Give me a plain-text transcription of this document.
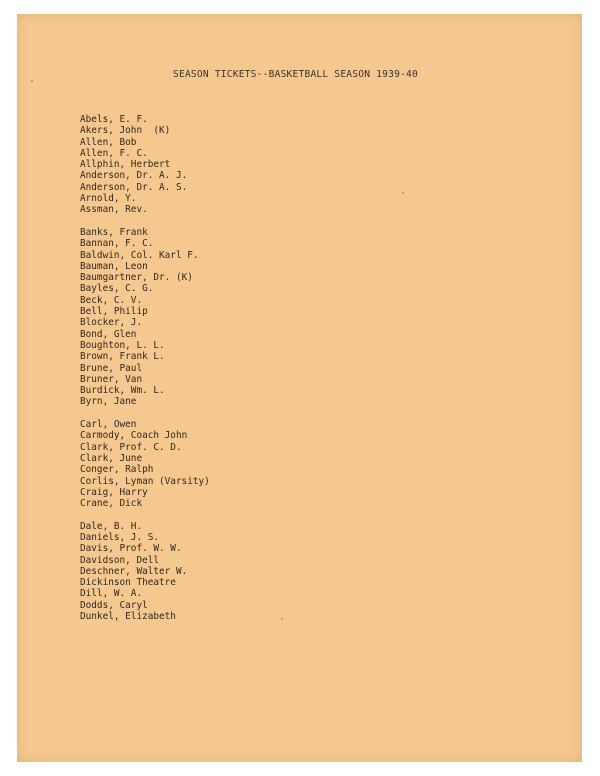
SEASON TICKETS--BASKETBALL SEASON 1939-40
Abels, E. F.
Akers, John  (K)
Allen, Bob
Allen, F. C.
Allphin, Herbert
Anderson, Dr. A. J.
Anderson, Dr. A. S.
Arnold, Y.
Assman, Rev.
Banks, Frank
Bannan, F. C.
Baldwin, Col. Karl F.
Bauman, Leon
Baumgartner, Dr. (K)
Bayles, C. G.
Beck, C. V.
Bell, Philip
Blocker, J.
Bond, Glen
Boughton, L. L.
Brown, Frank L.
Brune, Paul
Bruner, Van
Burdick, Wm. L.
Byrn, Jane
Carl, Owen
Carmody, Coach John
Clark, Prof. C. D.
Clark, June
Conger, Ralph
Corlis, Lyman (Varsity)
Craig, Harry
Crane, Dick
Dale, B. H.
Daniels, J. S.
Davis, Prof. W. W.
Davidson, Dell
Deschner, Walter W.
Dickinson Theatre
Dill, W. A.
Dodds, Caryl
Dunkel, Elizabeth
